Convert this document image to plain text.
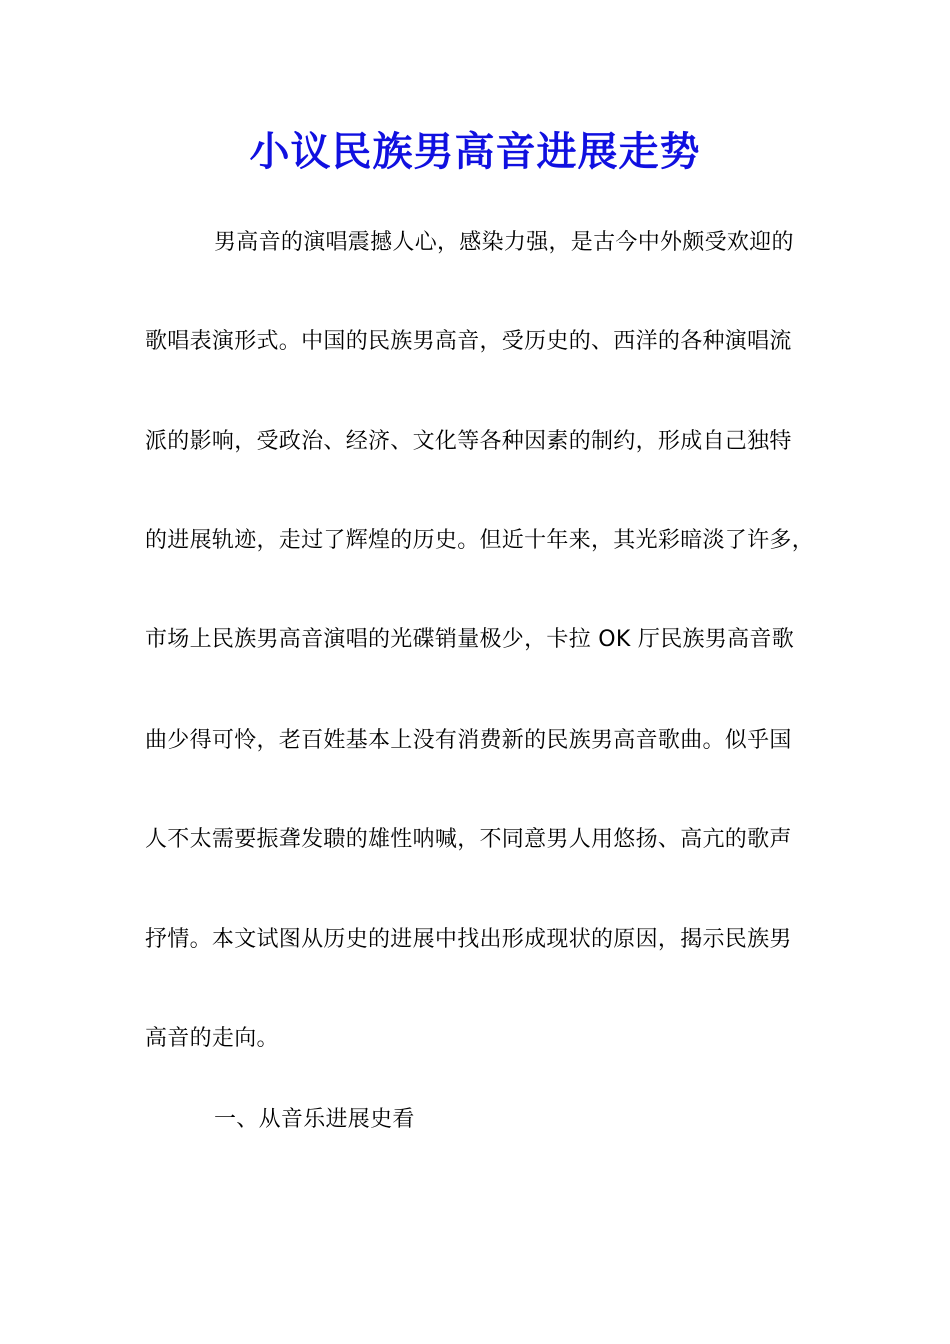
小议民族男高音进展走势

男高音的演唱震撼人心，感染力强，是古今中外颇受欢迎的

歌唱表演形式。中国的民族男高音，受历史的、西洋的各种演唱流

派的影响，受政治、经济、文化等各种因素的制约，形成自己独特

的进展轨迹，走过了辉煌的历史。但近十年来，其光彩暗淡了许多，

市场上民族男高音演唱的光碟销量极少，卡拉 OK 厅民族男高音歌

曲少得可怜，老百姓基本上没有消费新的民族男高音歌曲。似乎国

人不太需要振聋发聩的雄性呐喊，不同意男人用悠扬、高亢的歌声

抒情。本文试图从历史的进展中找出形成现状的原因，揭示民族男

高音的走向。

一、从音乐进展史看
